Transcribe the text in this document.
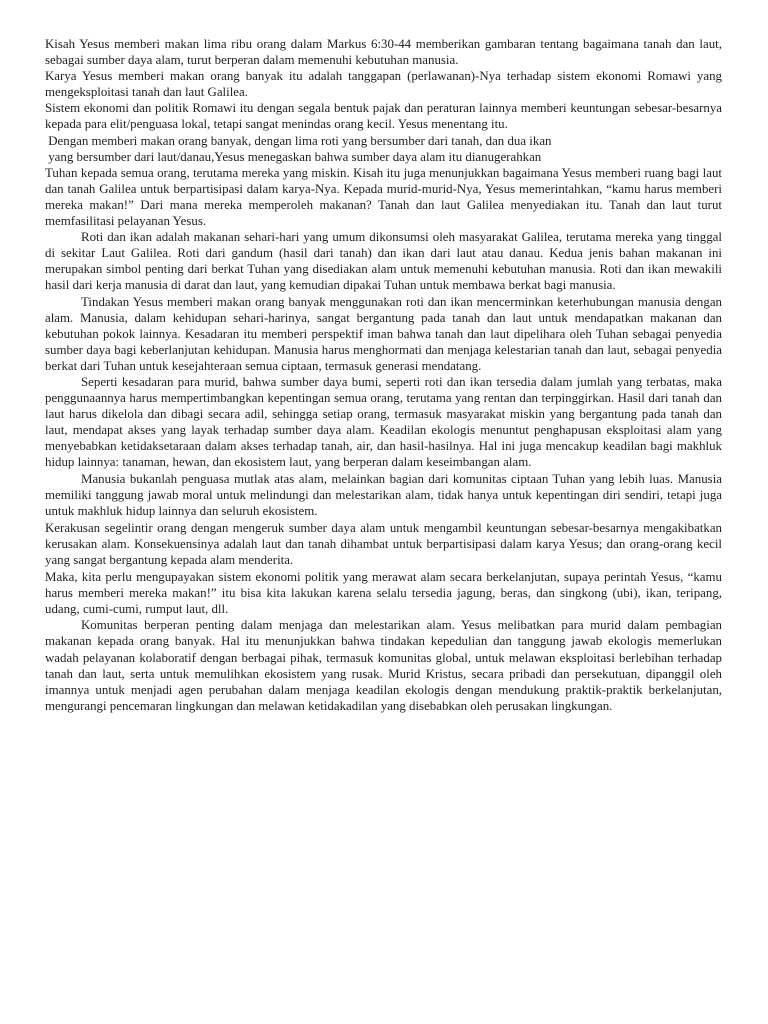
Kisah Yesus memberi makan lima ribu orang dalam Markus 6:30-44 memberikan gambaran tentang bagaimana tanah dan laut, sebagai sumber daya alam, turut berperan dalam memenuhi kebutuhan manusia.

Karya Yesus memberi makan orang banyak itu adalah tanggapan (perlawanan)-Nya terhadap sistem ekonomi Romawi yang mengeksploitasi tanah dan laut Galilea.

Sistem ekonomi dan politik Romawi itu dengan segala bentuk pajak dan peraturan lainnya memberi keuntungan sebesar-besarnya kepada para elit/penguasa lokal, tetapi sangat menindas orang kecil. Yesus menentang itu.

Dengan memberi makan orang banyak, dengan lima roti yang bersumber dari tanah, dan dua ikan

yang bersumber dari laut/danau,Yesus menegaskan bahwa sumber daya alam itu dianugerahkan

Tuhan kepada semua orang, terutama mereka yang miskin. Kisah itu juga menunjukkan bagaimana Yesus memberi ruang bagi laut dan tanah Galilea untuk berpartisipasi dalam karya-Nya. Kepada murid-murid-Nya, Yesus memerintahkan, “kamu harus memberi mereka makan!” Dari mana mereka memperoleh makanan? Tanah dan laut Galilea menyediakan itu. Tanah dan laut turut memfasilitasi pelayanan Yesus.

Roti dan ikan adalah makanan sehari-hari yang umum dikonsumsi oleh masyarakat Galilea, terutama mereka yang tinggal di sekitar Laut Galilea. Roti dari gandum (hasil dari tanah) dan ikan dari laut atau danau. Kedua jenis bahan makanan ini merupakan simbol penting dari berkat Tuhan yang disediakan alam untuk memenuhi kebutuhan manusia. Roti dan ikan mewakili hasil dari kerja manusia di darat dan laut, yang kemudian dipakai Tuhan untuk membawa berkat bagi manusia.

Tindakan Yesus memberi makan orang banyak menggunakan roti dan ikan mencerminkan keterhubungan manusia dengan alam. Manusia, dalam kehidupan sehari-harinya, sangat bergantung pada tanah dan laut untuk mendapatkan makanan dan kebutuhan pokok lainnya. Kesadaran itu memberi perspektif iman bahwa tanah dan laut dipelihara oleh Tuhan sebagai penyedia sumber daya bagi keberlanjutan kehidupan. Manusia harus menghormati dan menjaga kelestarian tanah dan laut, sebagai penyedia berkat dari Tuhan untuk kesejahteraan semua ciptaan, termasuk generasi mendatang.

Seperti kesadaran para murid, bahwa sumber daya bumi, seperti roti dan ikan tersedia dalam jumlah yang terbatas, maka penggunaannya harus mempertimbangkan kepentingan semua orang, terutama yang rentan dan terpinggirkan. Hasil dari tanah dan laut harus dikelola dan dibagi secara adil, sehingga setiap orang, termasuk masyarakat miskin yang bergantung pada tanah dan laut, mendapat akses yang layak terhadap sumber daya alam. Keadilan ekologis menuntut penghapusan eksploitasi alam yang menyebabkan ketidaksetaraan dalam akses terhadap tanah, air, dan hasil-hasilnya. Hal ini juga mencakup keadilan bagi makhluk hidup lainnya: tanaman, hewan, dan ekosistem laut, yang berperan dalam keseimbangan alam.

Manusia bukanlah penguasa mutlak atas alam, melainkan bagian dari komunitas ciptaan Tuhan yang lebih luas. Manusia memiliki tanggung jawab moral untuk melindungi dan melestarikan alam, tidak hanya untuk kepentingan diri sendiri, tetapi juga untuk makhluk hidup lainnya dan seluruh ekosistem.

Kerakusan segelintir orang dengan mengeruk sumber daya alam untuk mengambil keuntungan sebesar-besarnya mengakibatkan kerusakan alam. Konsekuensinya adalah laut dan tanah dihambat untuk berpartisipasi dalam karya Yesus; dan orang-orang kecil yang sangat bergantung kepada alam menderita.

Maka, kita perlu mengupayakan sistem ekonomi politik yang merawat alam secara berkelanjutan, supaya perintah Yesus, “kamu harus memberi mereka makan!” itu bisa kita lakukan karena selalu tersedia jagung, beras, dan singkong (ubi), ikan, teripang, udang, cumi-cumi, rumput laut, dll.

Komunitas berperan penting dalam menjaga dan melestarikan alam. Yesus melibatkan para murid dalam pembagian makanan kepada orang banyak. Hal itu menunjukkan bahwa tindakan kepedulian dan tanggung jawab ekologis memerlukan wadah pelayanan kolaboratif dengan berbagai pihak, termasuk komunitas global, untuk melawan eksploitasi berlebihan terhadap tanah dan laut, serta untuk memulihkan ekosistem yang rusak. Murid Kristus, secara pribadi dan persekutuan, dipanggil oleh imannya untuk menjadi agen perubahan dalam menjaga keadilan ekologis dengan mendukung praktik-praktik berkelanjutan, mengurangi pencemaran lingkungan dan melawan ketidakadilan yang disebabkan oleh perusakan lingkungan.
